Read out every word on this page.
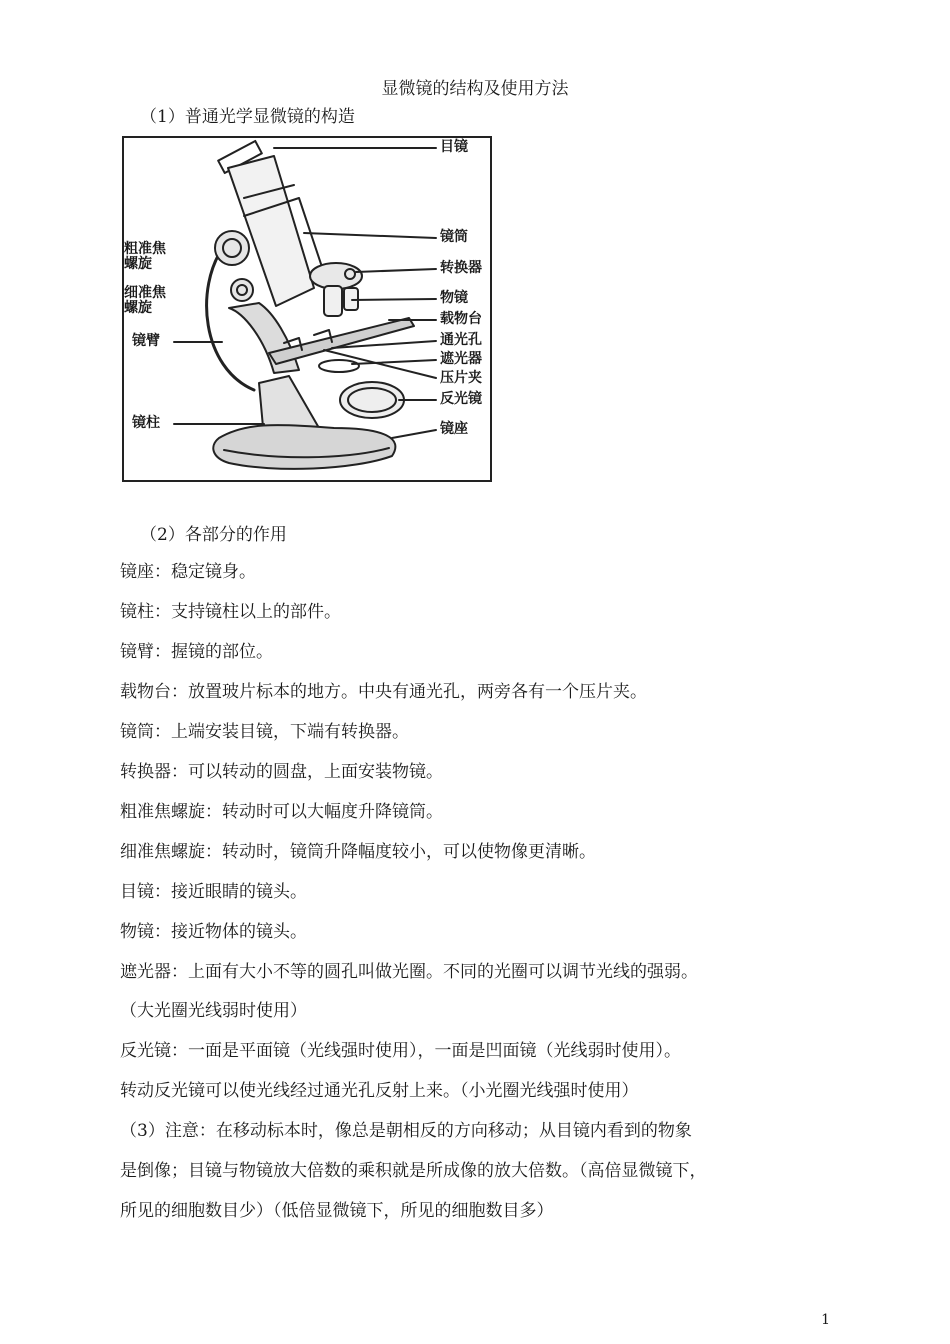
显微镜的结构及使用方法
（1）普通光学显微镜的构造
目镜
镜筒
转换器
物镜
载物台
通光孔
遮光器
压片夹
反光镜
镜座
粗准焦螺旋
细准焦螺旋
镜臂
镜柱
（2）各部分的作用
镜座：稳定镜身。
镜柱：支持镜柱以上的部件。
镜臂：握镜的部位。
载物台：放置玻片标本的地方。中央有通光孔，两旁各有一个压片夹。
镜筒：上端安装目镜，下端有转换器。
转换器：可以转动的圆盘，上面安装物镜。
粗准焦螺旋：转动时可以大幅度升降镜筒。
细准焦螺旋：转动时，镜筒升降幅度较小，可以使物像更清晰。
目镜：接近眼睛的镜头。
物镜：接近物体的镜头。
遮光器：上面有大小不等的圆孔叫做光圈。不同的光圈可以调节光线的强弱。
（大光圈光线弱时使用）
反光镜：一面是平面镜（光线强时使用），一面是凹面镜（光线弱时使用）。
转动反光镜可以使光线经过通光孔反射上来。（小光圈光线强时使用）
（3）注意：在移动标本时，像总是朝相反的方向移动；从目镜内看到的物象
是倒像；目镜与物镜放大倍数的乘积就是所成像的放大倍数。（高倍显微镜下，
所见的细胞数目少）（低倍显微镜下，所见的细胞数目多）
1
